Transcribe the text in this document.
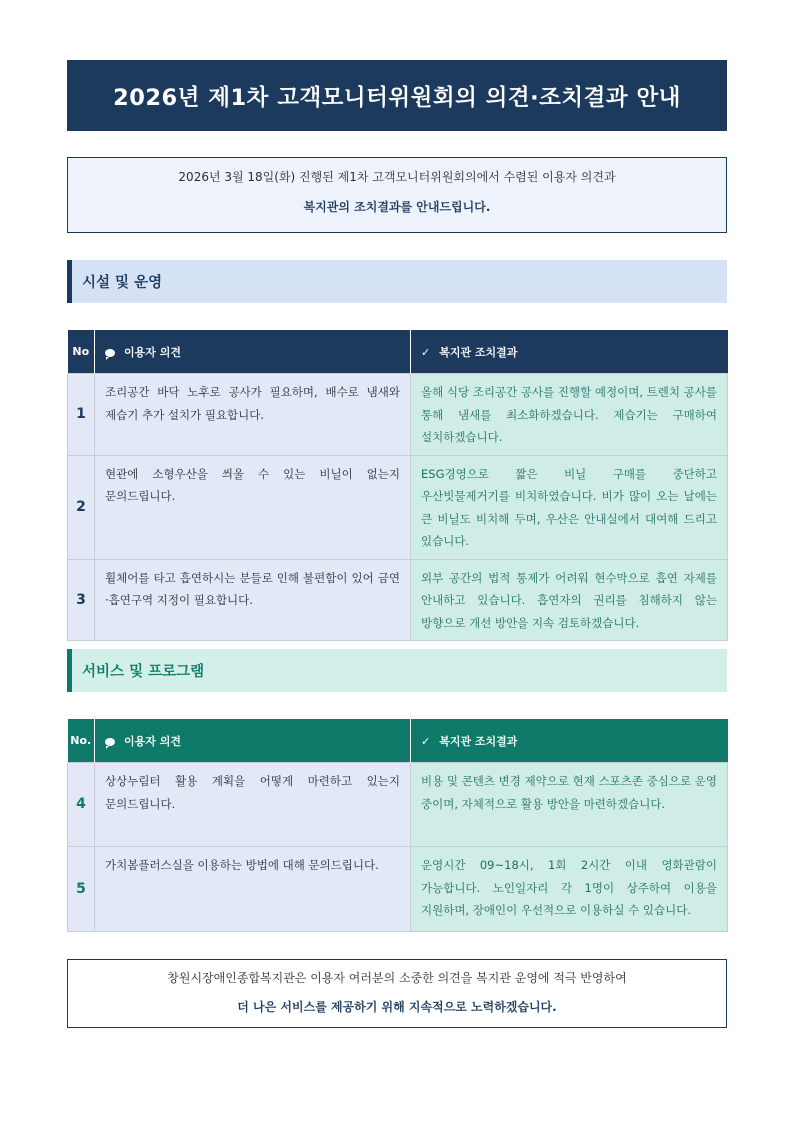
2026년 제1차 고객모니터위원회의 의견·조치결과 안내
2026년 3월 18일(화) 진행된 제1차 고객모니터위원회의에서 수렴된 이용자 의견과
복지관의 조치결과를 안내드립니다.
시설 및 운영
No	이용자 의견	✓ 복지관 조치결과
1	조리공간 바닥 노후로 공사가 필요하며, 배수로 냄새와 제습기 추가 설치가 필요합니다.	올해 식당 조리공간 공사를 진행할 예정이며, 트렌치 공사를 통해 냄새를 최소화하겠습니다. 제습기는 구매하여 설치하겠습니다.
2	현관에 소형우산을 씌울 수 있는 비닐이 없는지 문의드립니다.	ESG경영으로 짧은 비닐 구매를 중단하고 우산빗물제거기를 비치하였습니다. 비가 많이 오는 날에는 큰 비닐도 비치해 두며, 우산은 안내실에서 대여해 드리고 있습니다.
3	휠체어를 타고 흡연하시는 분들로 인해 불편함이 있어 금연·흡연구역 지정이 필요합니다.	외부 공간의 법적 통제가 어려워 현수막으로 흡연 자제를 안내하고 있습니다. 흡연자의 권리를 침해하지 않는 방향으로 개선 방안을 지속 검토하겠습니다.
서비스 및 프로그램
No.	이용자 의견	✓ 복지관 조치결과
4	상상누림터 활용 계획을 어떻게 마련하고 있는지 문의드립니다.	비용 및 콘텐츠 변경 제약으로 현재 스포츠존 중심으로 운영 중이며, 자체적으로 활용 방안을 마련하겠습니다.
5	가치봄플러스실을 이용하는 방법에 대해 문의드립니다.	운영시간 09~18시, 1회 2시간 이내 영화관람이 가능합니다. 노인일자리 각 1명이 상주하여 이용을 지원하며, 장애인이 우선적으로 이용하실 수 있습니다.
창원시장애인종합복지관은 이용자 여러분의 소중한 의견을 복지관 운영에 적극 반영하여
더 나은 서비스를 제공하기 위해 지속적으로 노력하겠습니다.
